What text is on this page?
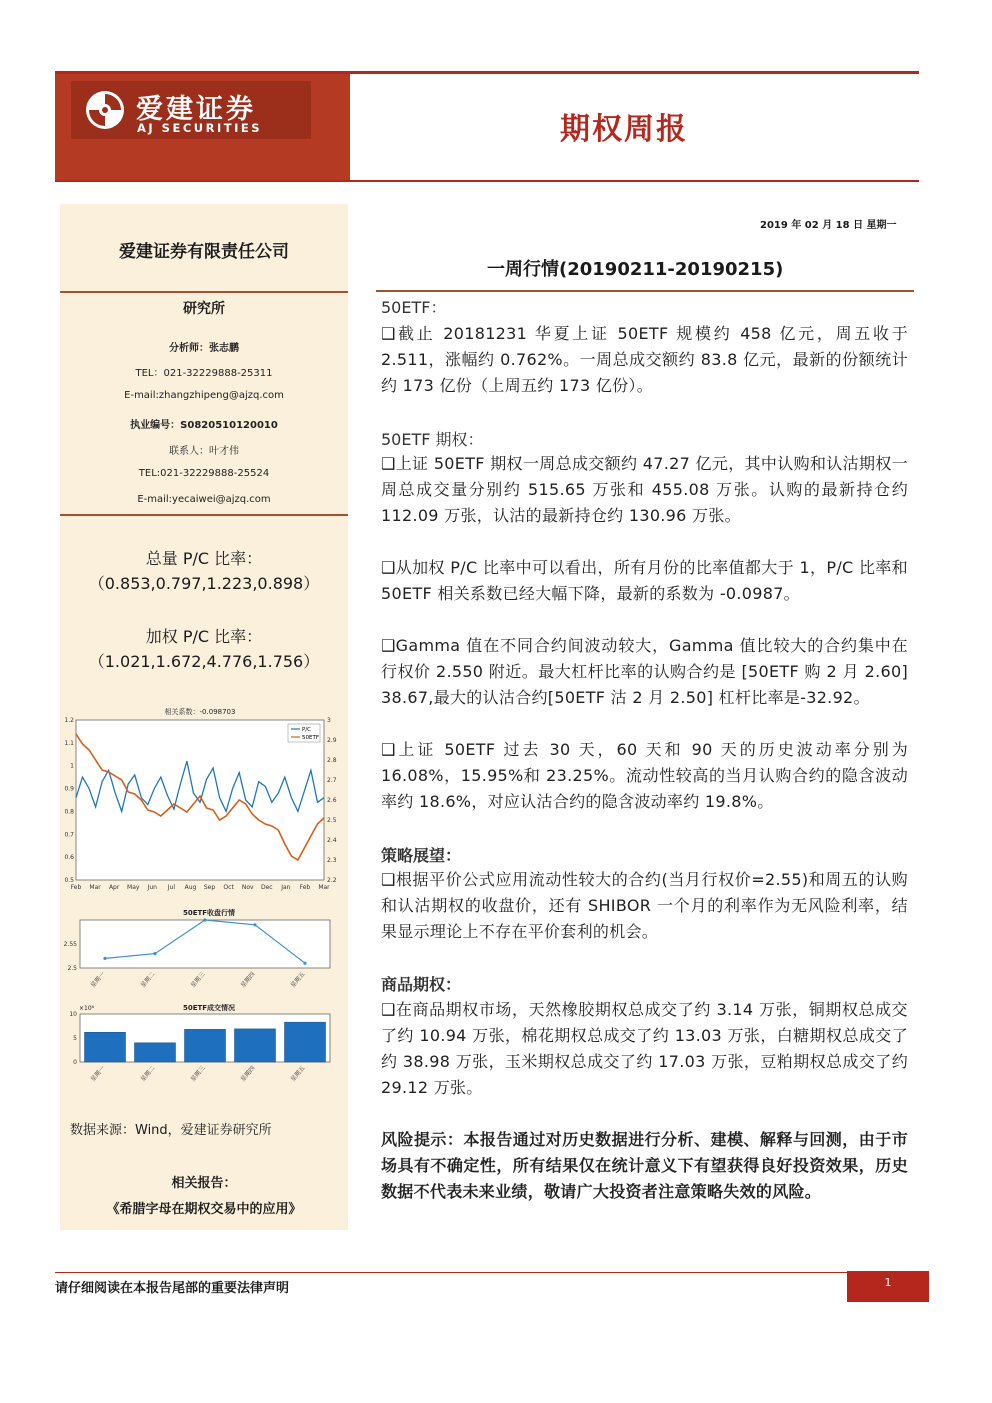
爱建证券
AJ SECURITIES	期权周报
爱建证券有限责任公司
研究所
分析师：张志鹏
TEL：021-32229888-25311
E-mail:zhangzhipeng@ajzq.com
执业编号：S0820510120010
联系人：叶才伟
TEL:021-32229888-25524
E-mail:yecaiwei@ajzq.com
总量 P/C 比率：
（0.853,0.797,1.223,0.898）
加权 P/C 比率：
（1.021,1.672,4.776,1.756）
相关系数：-0.098703
1.2
1.1
1
0.9
0.8
0.7
0.6
0.5
3
2.9
2.8
2.7
2.6
2.5
2.4
2.3
2.2
Feb Mar Apr May Jun Jul Aug Sep Oct Nov Dec Jan Feb Mar
P/C
50ETF
50ETF收盘行情
2.55
2.5
星期一	星期二	星期三	星期四	星期五
50ETF成交情况
×10⁶
10
5
0
星期一	星期二	星期三	星期四	星期五
数据来源：Wind，爱建证券研究所
相关报告：
《希腊字母在期权交易中的应用》
2019 年 02 月 18 日 星期一
一周行情(20190211-20190215)
50ETF：
❑截止 20181231 华夏上证 50ETF 规模约 458 亿元，周五收于 2.511，涨幅约 0.762%。一周总成交额约 83.8 亿元，最新的份额统计约 173 亿份（上周五约 173 亿份）。
50ETF 期权：
❑上证 50ETF 期权一周总成交额约 47.27 亿元，其中认购和认沽期权一周总成交量分别约 515.65 万张和 455.08 万张。认购的最新持仓约 112.09 万张，认沽的最新持仓约 130.96 万张。
❑从加权 P/C 比率中可以看出，所有月份的比率值都大于 1，P/C 比率和 50ETF 相关系数已经大幅下降，最新的系数为 -0.0987。
❑Gamma 值在不同合约间波动较大，Gamma 值比较大的合约集中在行权价 2.550 附近。最大杠杆比率的认购合约是 [50ETF 购 2 月 2.60] 38.67,最大的认沽合约[50ETF 沽 2 月 2.50] 杠杆比率是-32.92。
❑上证 50ETF 过去 30 天，60 天和 90 天的历史波动率分别为 16.08%，15.95%和 23.25%。流动性较高的当月认购合约的隐含波动率约 18.6%，对应认沽合约的隐含波动率约 19.8%。
策略展望：
❑根据平价公式应用流动性较大的合约(当月行权价=2.55)和周五的认购和认沽期权的收盘价，还有 SHIBOR 一个月的利率作为无风险利率，结果显示理论上不存在平价套利的机会。
商品期权：
❑在商品期权市场，天然橡胶期权总成交了约 3.14 万张，铜期权总成交了约 10.94 万张，棉花期权总成交了约 13.03 万张，白糖期权总成交了约 38.98 万张，玉米期权总成交了约 17.03 万张，豆粕期权总成交了约 29.12 万张。
风险提示：本报告通过对历史数据进行分析、建模、解释与回测，由于市场具有不确定性，所有结果仅在统计意义下有望获得良好投资效果，历史数据不代表未来业绩，敬请广大投资者注意策略失效的风险。
请仔细阅读在本报告尾部的重要法律声明	1
